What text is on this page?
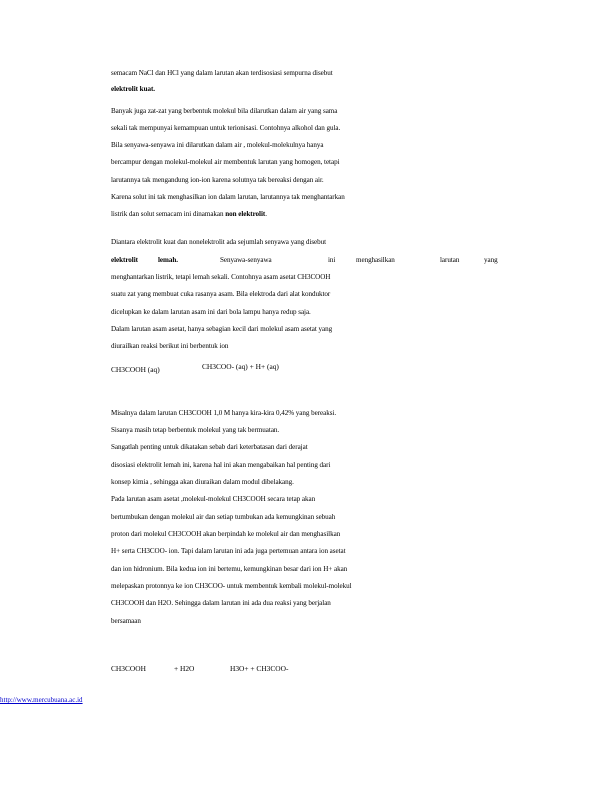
semacam NaCl dan HCl yang dalam larutan akan terdisosiasi sempurna disebut
elektrolit kuat.
Banyak juga zat-zat yang berbentuk molekul bila dilarutkan dalam air yang sama
sekali tak mempunyai kemampuan untuk terionisasi. Contohnya alkohol dan gula.
Bila senyawa-senyawa ini dilarutkan dalam air , molekul-molekulnya hanya
bercampur dengan molekul-molekul air membentuk larutan yang homogen, tetapi
larutannya tak mengandung ion-ion karena solutnya tak bereaksi dengan air.
Karena solut ini tak menghasilkan ion dalam larutan, larutannya tak menghantarkan
listrik dan solut semacam ini dinamakan non elektrolit.
Diantara elektrolit kuat dan nonelektrolit ada sejumlah senyawa yang disebut
elektrolit	lemah.	Senyawa-senyawa	ini	menghasilkan	larutan	yang
menghantarkan listrik, tetapi lemah sekali. Contohnya asam asetat CH3COOH
suatu zat yang membuat cuka rasanya asam. Bila elektroda dari alat konduktor
dicelupkan ke dalam larutan asam ini dari bola lampu hanya redup saja.
Dalam larutan asam asetat, hanya sebagian kecil dari molekul asam asetat yang
diurailkan reaksi berikut ini berbentuk ion
CH3COOH (aq)	CH3COO- (aq) + H+ (aq)
Misalnya dalam larutan CH3COOH 1,0 M hanya kira-kira 0,42% yang bereaksi.
Sisanya masih tetap berbentuk molekul yang tak bermuatan.
Sangatlah penting untuk dikatakan sebab dari keterbatasan dari derajat
disosiasi elektrolit lemah ini, karena hal ini akan mengabaikan hal penting dari
konsep kimia , sehingga akan diuraikan dalam modul dibelakang.
Pada larutan asam asetat ,molekul-molekul CH3COOH secara tetap akan
bertumbukan dengan molekul air dan setiap tumbukan ada kemungkinan sebuah
proton dari molekul CH3COOH akan berpindah ke molekul air dan menghasilkan
H+ serta CH3COO- ion. Tapi dalam larutan ini ada juga pertemuan antara ion asetat
dan ion hidronium. Bila kedua ion ini bertemu, kemungkinan besar dari ion H+ akan
melepaskan protonnya ke ion CH3COO- untuk membentuk kembali molekul-molekul
CH3COOH dan H2O. Sehingga dalam larutan ini ada dua reaksi yang berjalan
bersamaan
CH3COOH	+ H2O	H3O+ + CH3COO-
http://www.mercubuana.ac.id
